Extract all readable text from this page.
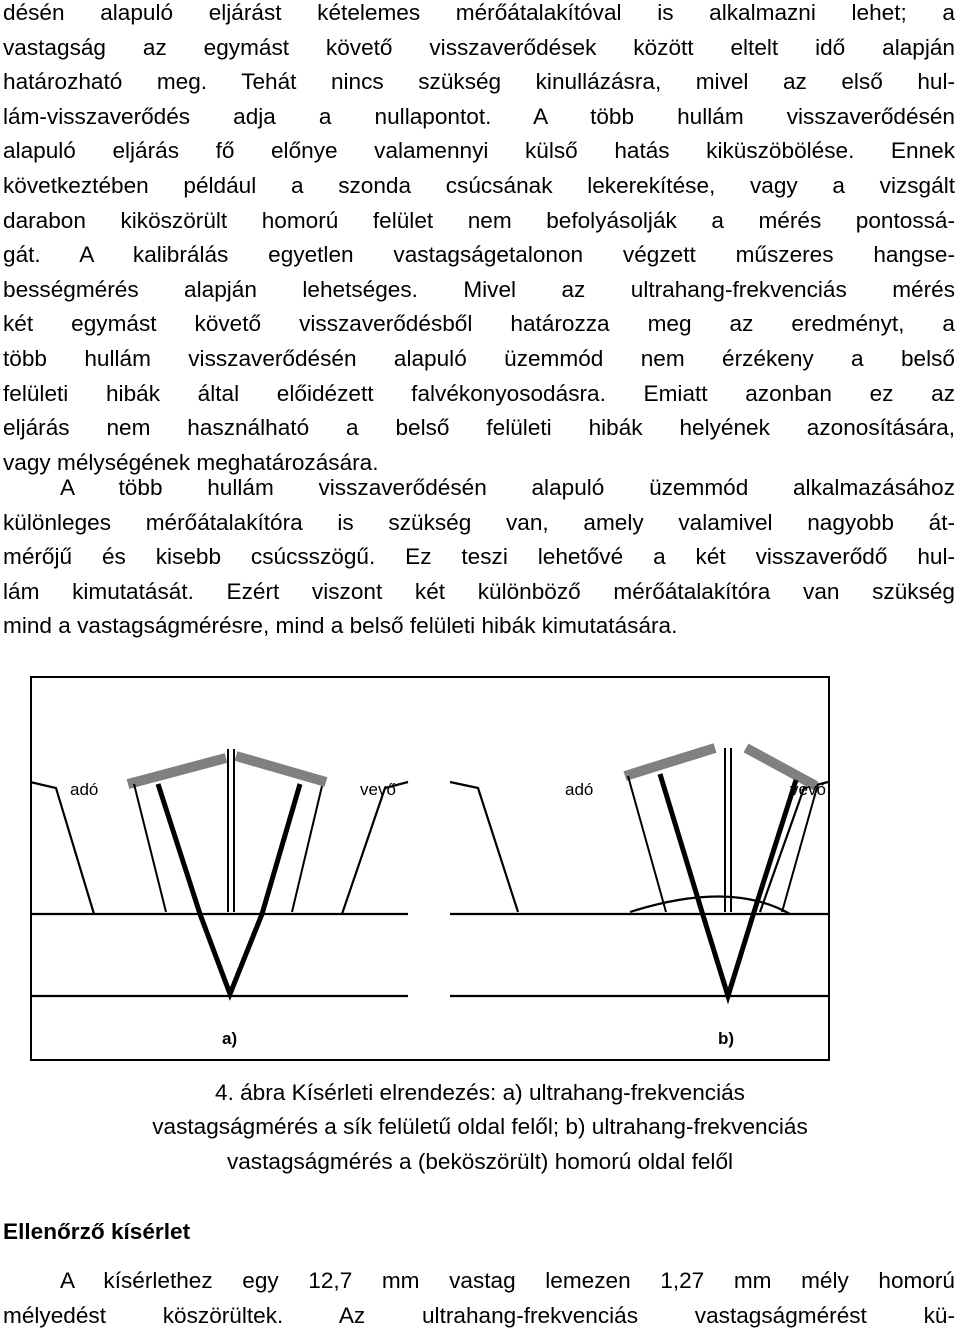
désén alapuló eljárást kételemes mérőátalakítóval is alkalmazni lehet; a
vastagság az egymást követő visszaverődések között eltelt idő alapján
határozható meg. Tehát nincs szükség kinullázásra, mivel az első hul-
lám-visszaverődés adja a nullapontot. A több hullám visszaverődésén
alapuló eljárás fő előnye valamennyi külső hatás kiküszöbölése. Ennek
következtében például a szonda csúcsának lekerekítése, vagy a vizsgált
darabon kiköszörült homorú felület nem befolyásolják a mérés pontossá-
gát. A kalibrálás egyetlen vastagságetalonon végzett műszeres hangse-
bességmérés alapján lehetséges. Mivel az ultrahang-frekvenciás mérés
két egymást követő visszaverődésből határozza meg az eredményt, a
több hullám visszaverődésén alapuló üzemmód nem érzékeny a belső
felületi hibák által előidézett falvékonyosodásra. Emiatt azonban ez az
eljárás nem használható a belső felületi hibák helyének azonosítására,
vagy mélységének meghatározására.
A több hullám visszaverődésén alapuló üzemmód alkalmazásához
különleges mérőátalakítóra is szükség van, amely valamivel nagyobb át-
mérőjű és kisebb csúcsszögű. Ez teszi lehetővé a két visszaverődő hul-
lám kimutatását. Ezért viszont két különböző mérőátalakítóra van szükség
mind a vastagságmérésre, mind a belső felületi hibák kimutatására.
adó	vevő	adó	vevő
a)	b)
4. ábra Kísérleti elrendezés: a) ultrahang-frekvenciás
vastagságmérés a sík felületű oldal felől; b) ultrahang-frekvenciás
vastagságmérés a (beköszörült) homorú oldal felől
Ellenőrző kísérlet
A kísérlethez egy 12,7 mm vastag lemezen 1,27 mm mély homorú
mélyedést köszörültek. Az ultrahang-frekvenciás vastagságmérést kü-
